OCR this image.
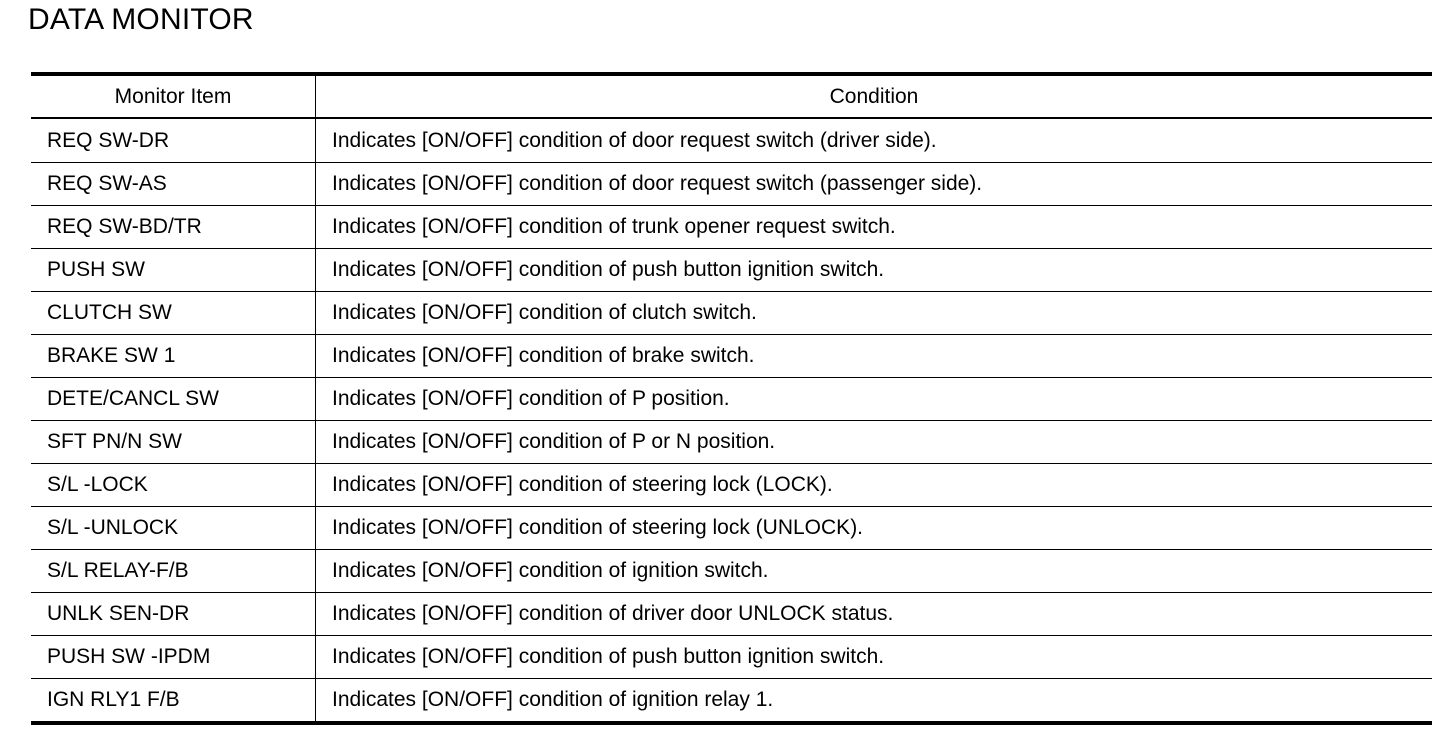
DATA MONITOR
Monitor Item	Condition
REQ SW-DR	Indicates [ON/OFF] condition of door request switch (driver side).
REQ SW-AS	Indicates [ON/OFF] condition of door request switch (passenger side).
REQ SW-BD/TR	Indicates [ON/OFF] condition of trunk opener request switch.
PUSH SW	Indicates [ON/OFF] condition of push button ignition switch.
CLUTCH SW	Indicates [ON/OFF] condition of clutch switch.
BRAKE SW 1	Indicates [ON/OFF] condition of brake switch.
DETE/CANCL SW	Indicates [ON/OFF] condition of P position.
SFT PN/N SW	Indicates [ON/OFF] condition of P or N position.
S/L -LOCK	Indicates [ON/OFF] condition of steering lock (LOCK).
S/L -UNLOCK	Indicates [ON/OFF] condition of steering lock (UNLOCK).
S/L RELAY-F/B	Indicates [ON/OFF] condition of ignition switch.
UNLK SEN-DR	Indicates [ON/OFF] condition of driver door UNLOCK status.
PUSH SW -IPDM	Indicates [ON/OFF] condition of push button ignition switch.
IGN RLY1 F/B	Indicates [ON/OFF] condition of ignition relay 1.
